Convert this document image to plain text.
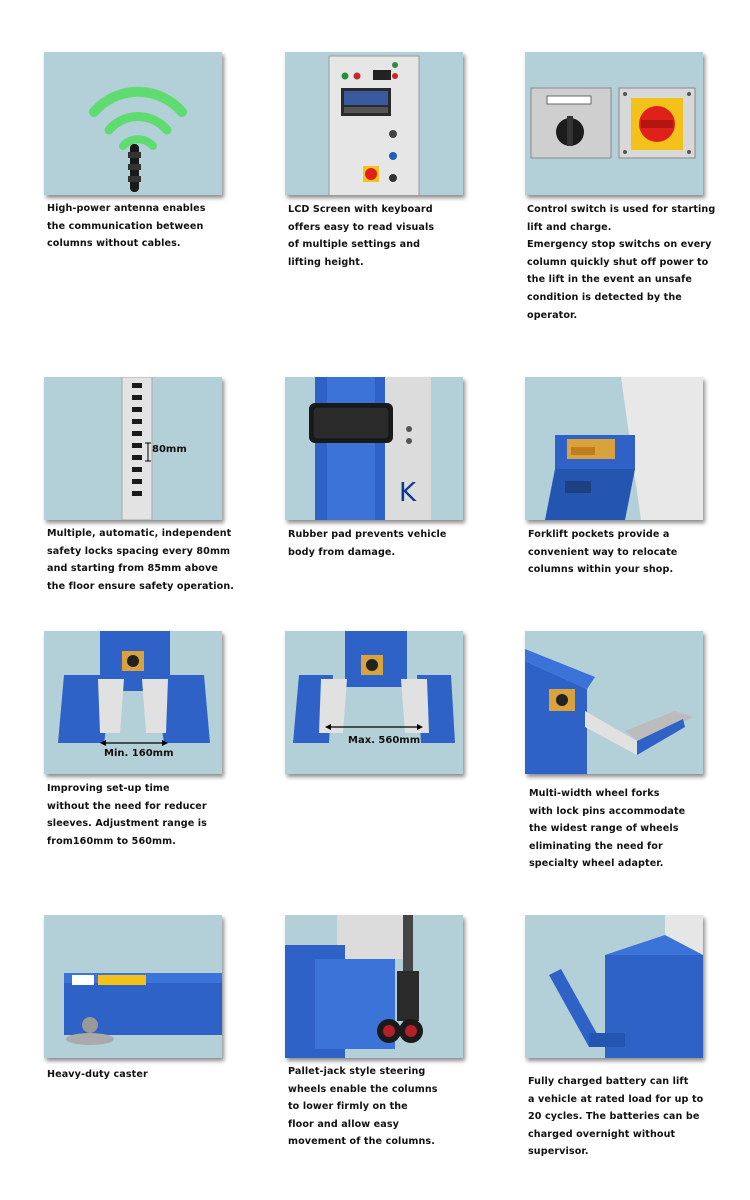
High-power antenna enables
the communication between
columns without cables.
LCD Screen with keyboard
offers easy to read visuals
of multiple settings and
lifting height.
Control switch is used for starting
lift and charge.
Emergency stop switchs on every
column quickly shut off power to
the lift in the event an unsafe
condition is detected by the
operator.
80mm
Multiple, automatic, independent
safety locks spacing every 80mm
and starting from 85mm above
the floor ensure safety operation.
K
Rubber pad prevents vehicle
body from damage.
Forklift pockets provide a
convenient way to relocate
columns within your shop.
Min. 160mm
Improving set-up time
without the need for reducer
sleeves. Adjustment range is
from160mm to 560mm.
Max. 560mm
Multi-width wheel forks
with lock pins accommodate
the widest range of wheels
eliminating the need for
specialty wheel adapter.
Heavy-duty caster	Pallet-jack style steering
wheels enable the columns
to lower firmly on the
floor and allow easy
movement of the columns.
Fully charged battery can lift
a vehicle at rated load for up to
20 cycles. The batteries can be
charged overnight without
supervisor.
